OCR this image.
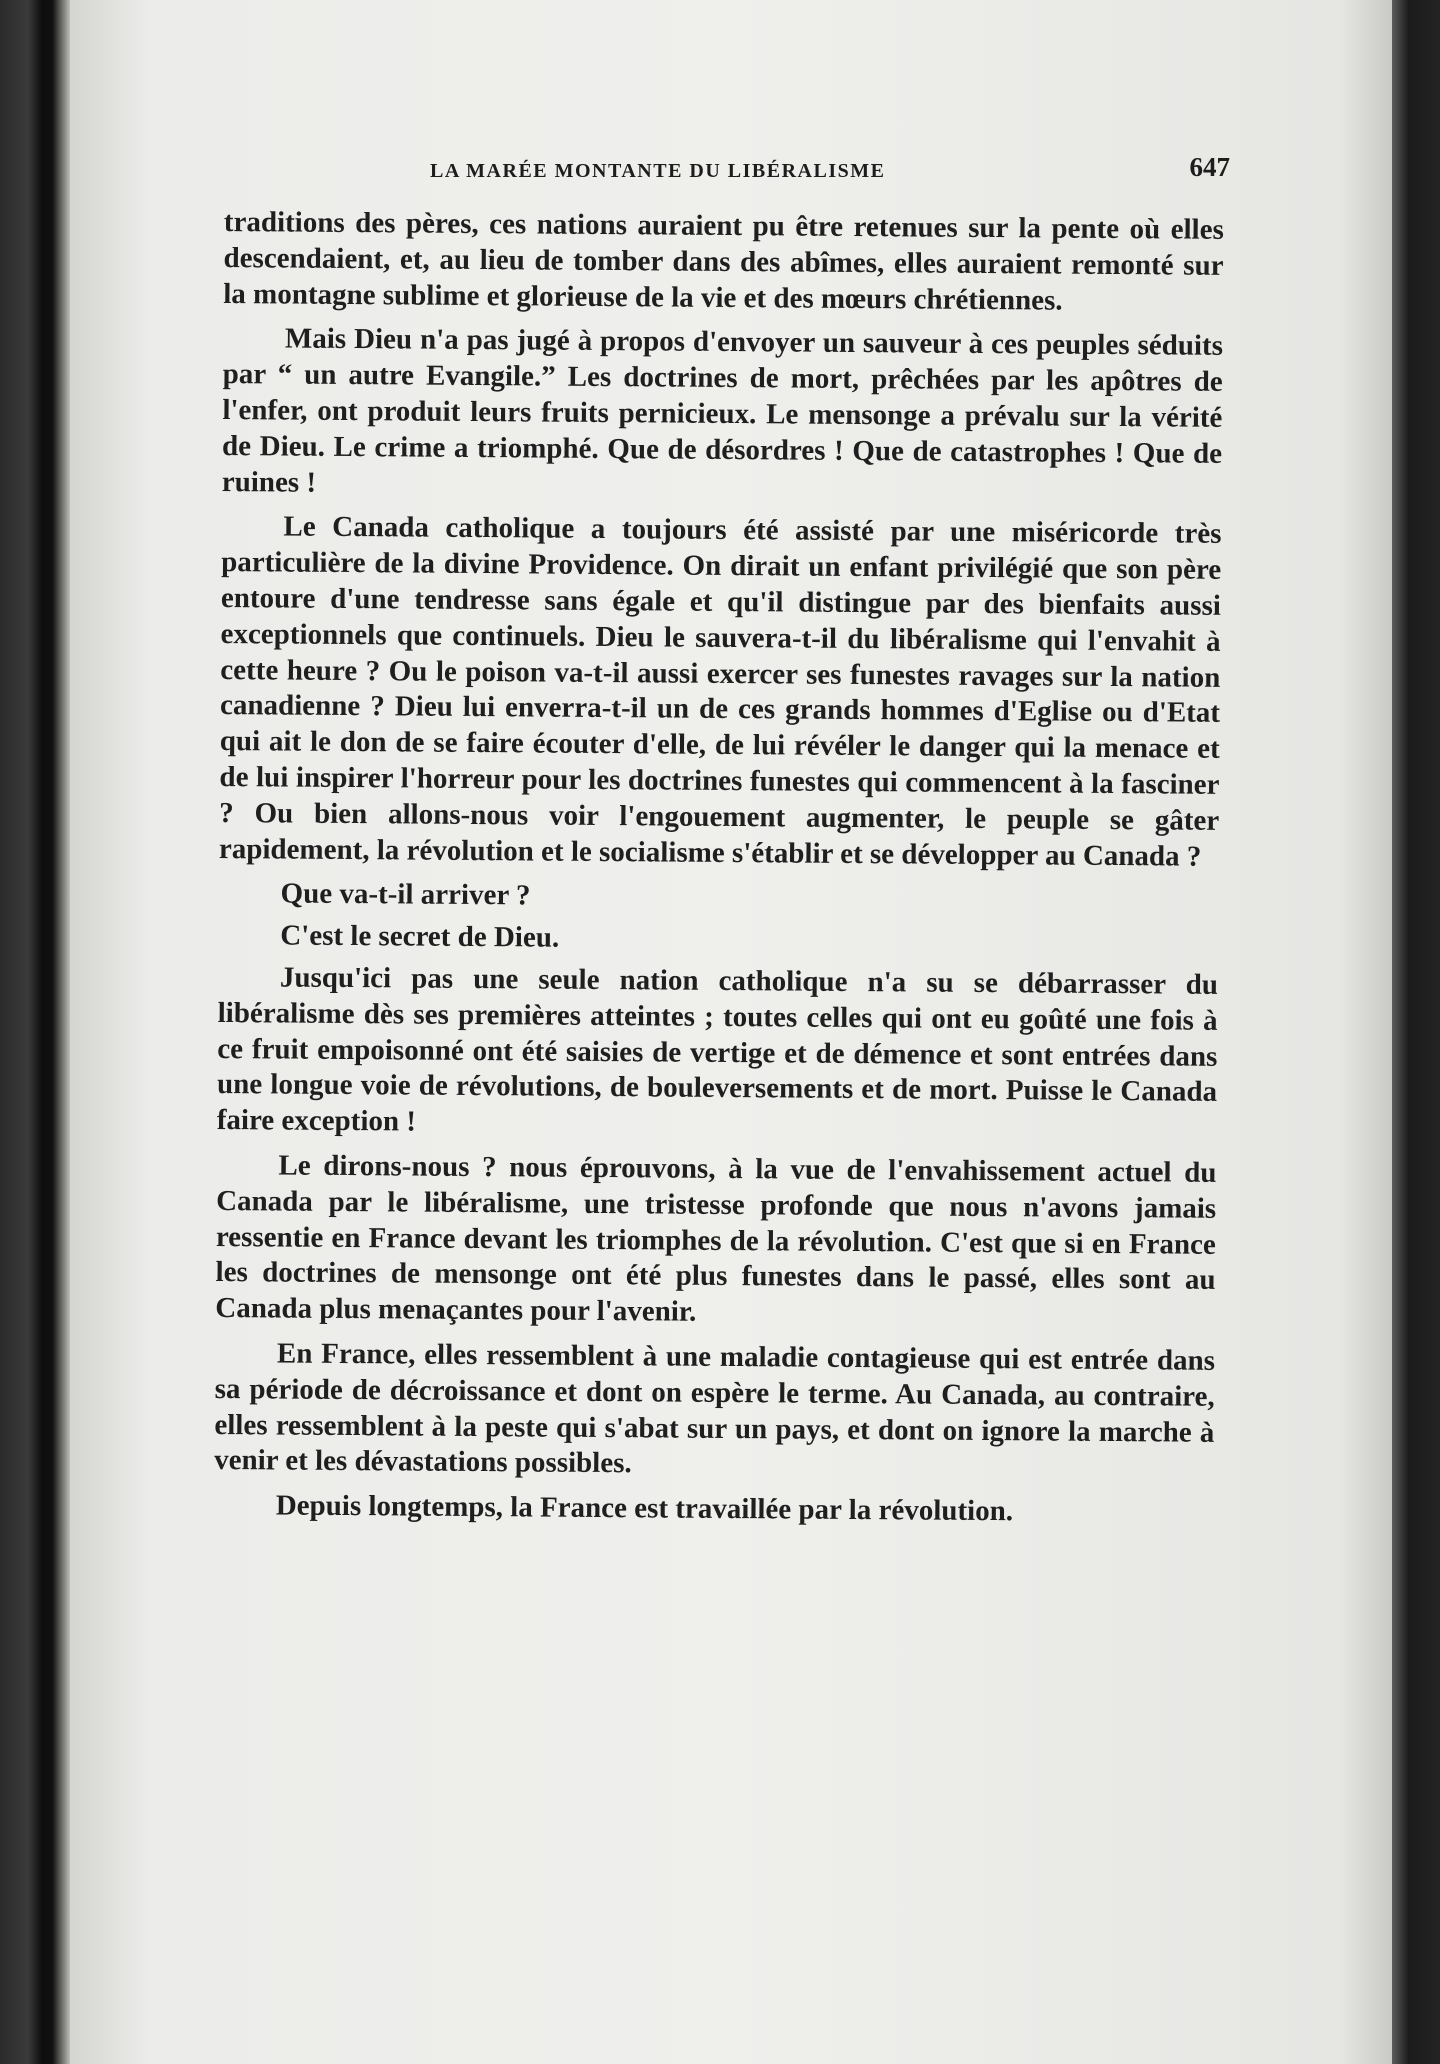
LA MARÉE MONTANTE DU LIBÉRALISME	647

traditions des pères, ces nations auraient pu être retenues sur la pente où elles descendaient, et, au lieu de tomber dans des abîmes, elles auraient remonté sur la montagne sublime et glorieuse de la vie et des mœurs chrétiennes.

Mais Dieu n'a pas jugé à propos d'envoyer un sauveur à ces peuples séduits par “ un autre Evangile.” Les doctrines de mort, prêchées par les apôtres de l'enfer, ont produit leurs fruits pernicieux. Le mensonge a prévalu sur la vérité de Dieu. Le crime a triomphé. Que de désordres ! Que de catastrophes ! Que de ruines !

Le Canada catholique a toujours été assisté par une miséricorde très particulière de la divine Providence. On dirait un enfant privilégié que son père entoure d'une tendresse sans égale et qu'il distingue par des bienfaits aussi exceptionnels que continuels. Dieu le sauvera-t-il du libéralisme qui l'envahit à cette heure ? Ou le poison va-t-il aussi exercer ses funestes ravages sur la nation canadienne ? Dieu lui enverra-t-il un de ces grands hommes d'Eglise ou d'Etat qui ait le don de se faire écouter d'elle, de lui révéler le danger qui la menace et de lui inspirer l'horreur pour les doctrines funestes qui commencent à la fasciner ? Ou bien allons-nous voir l'engouement augmenter, le peuple se gâter rapidement, la révolution et le socialisme s'établir et se développer au Canada ?

Que va-t-il arriver ?

C'est le secret de Dieu.

Jusqu'ici pas une seule nation catholique n'a su se débarrasser du libéralisme dès ses premières atteintes ; toutes celles qui ont eu goûté une fois à ce fruit empoisonné ont été saisies de vertige et de démence et sont entrées dans une longue voie de révolutions, de bouleversements et de mort. Puisse le Canada faire exception !

Le dirons-nous ? nous éprouvons, à la vue de l'envahissement actuel du Canada par le libéralisme, une tristesse profonde que nous n'avons jamais ressentie en France devant les triomphes de la révolution. C'est que si en France les doctrines de mensonge ont été plus funestes dans le passé, elles sont au Canada plus menaçantes pour l'avenir.

En France, elles ressemblent à une maladie contagieuse qui est entrée dans sa période de décroissance et dont on espère le terme. Au Canada, au contraire, elles ressemblent à la peste qui s'abat sur un pays, et dont on ignore la marche à venir et les dévastations possibles.

Depuis longtemps, la France est travaillée par la révolution.
